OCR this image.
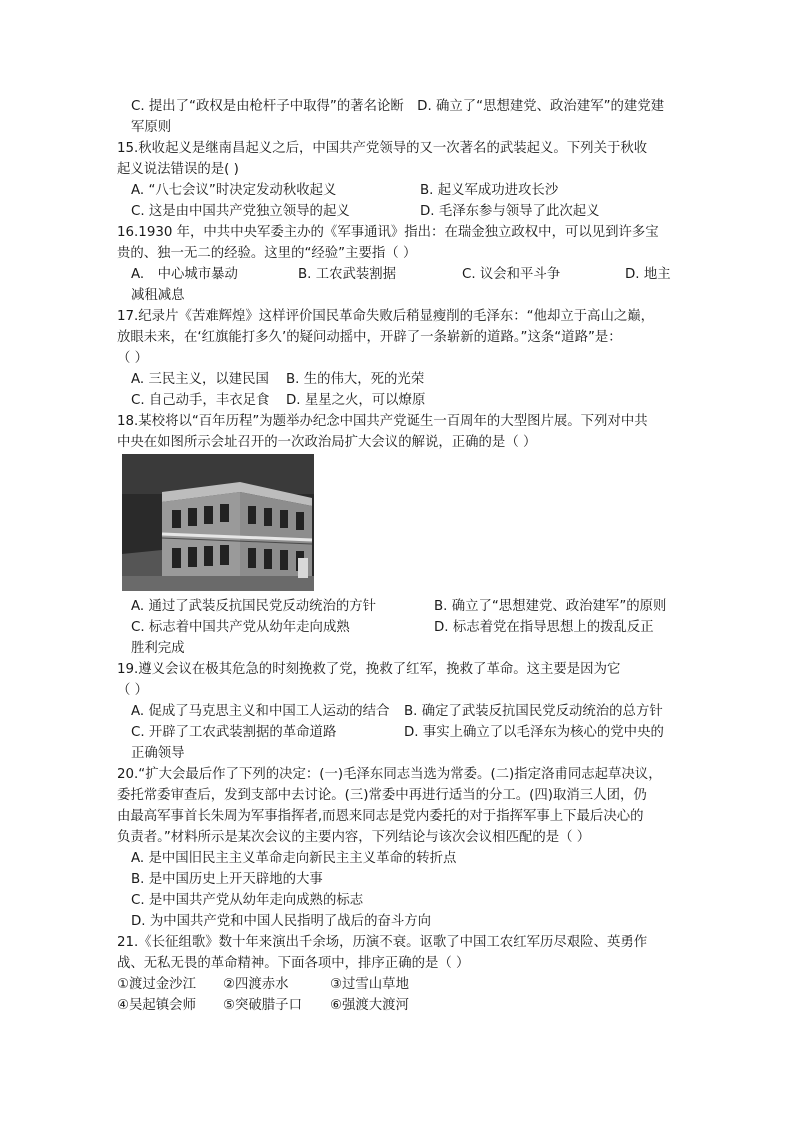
C. 提出了“政权是由枪杆子中取得”的著名论断　D. 确立了“思想建党、政治建军”的建党建
军原则
15.秋收起义是继南昌起义之后，中国共产党领导的又一次著名的武装起义。下列关于秋收
起义说法错误的是( )
A. “八七会议”时决定发动秋收起义	B. 起义军成功进攻长沙
C. 这是由中国共产党独立领导的起义	D. 毛泽东参与领导了此次起义
16.1930 年，中共中央军委主办的《军事通讯》指出：在瑞金独立政权中，可以见到许多宝
贵的、独一无二的经验。这里的“经验”主要指（ ）
A.　中心城市暴动	B. 工农武装割据	C. 议会和平斗争	D. 地主
减租减息
17.纪录片《苦难辉煌》这样评价国民革命失败后稍显瘦削的毛泽东：“他却立于高山之巅，
放眼未来，在‘红旗能打多久’的疑问动摇中，开辟了一条崭新的道路。”这条“道路”是：
（ ）
A. 三民主义，以建民国 B. 生的伟大，死的光荣
C. 自己动手，丰衣足食 D. 星星之火，可以燎原
18.某校将以“百年历程”为题举办纪念中国共产党诞生一百周年的大型图片展。下列对中共
中央在如图所示会址召开的一次政治局扩大会议的解说，正确的是（ ）
A. 通过了武装反抗国民党反动统治的方针	B. 确立了“思想建党、政治建军”的原则
C. 标志着中国共产党从幼年走向成熟	D. 标志着党在指导思想上的拨乱反正
胜利完成
19.遵义会议在极其危急的时刻挽救了党，挽救了红军，挽救了革命。这主要是因为它
（ ）
A. 促成了马克思主义和中国工人运动的结合 B. 确定了武装反抗国民党反动统治的总方针
C. 开辟了工农武装割据的革命道路	D. 事实上确立了以毛泽东为核心的党中央的
正确领导
20.“扩大会最后作了下列的决定：(一)毛泽东同志当选为常委。(二)指定洛甫同志起草决议，
委托常委审查后，发到支部中去讨论。(三)常委中再进行适当的分工。(四)取消三人团，仍
由最高军事首长朱周为军事指挥者,而恩来同志是党内委托的对于指挥军事上下最后决心的
负责者。”材料所示是某次会议的主要内容，下列结论与该次会议相匹配的是（ ）
A. 是中国旧民主主义革命走向新民主主义革命的转折点
B. 是中国历史上开天辟地的大事
C. 是中国共产党从幼年走向成熟的标志
D. 为中国共产党和中国人民指明了战后的奋斗方向
21.《长征组歌》数十年来演出千余场，历演不衰。讴歌了中国工农红军历尽艰险、英勇作
战、无私无畏的革命精神。下面各项中，排序正确的是（ ）
①渡过金沙江 ②四渡赤水	③过雪山草地
④吴起镇会师 ⑤突破腊子口 ⑥强渡大渡河
